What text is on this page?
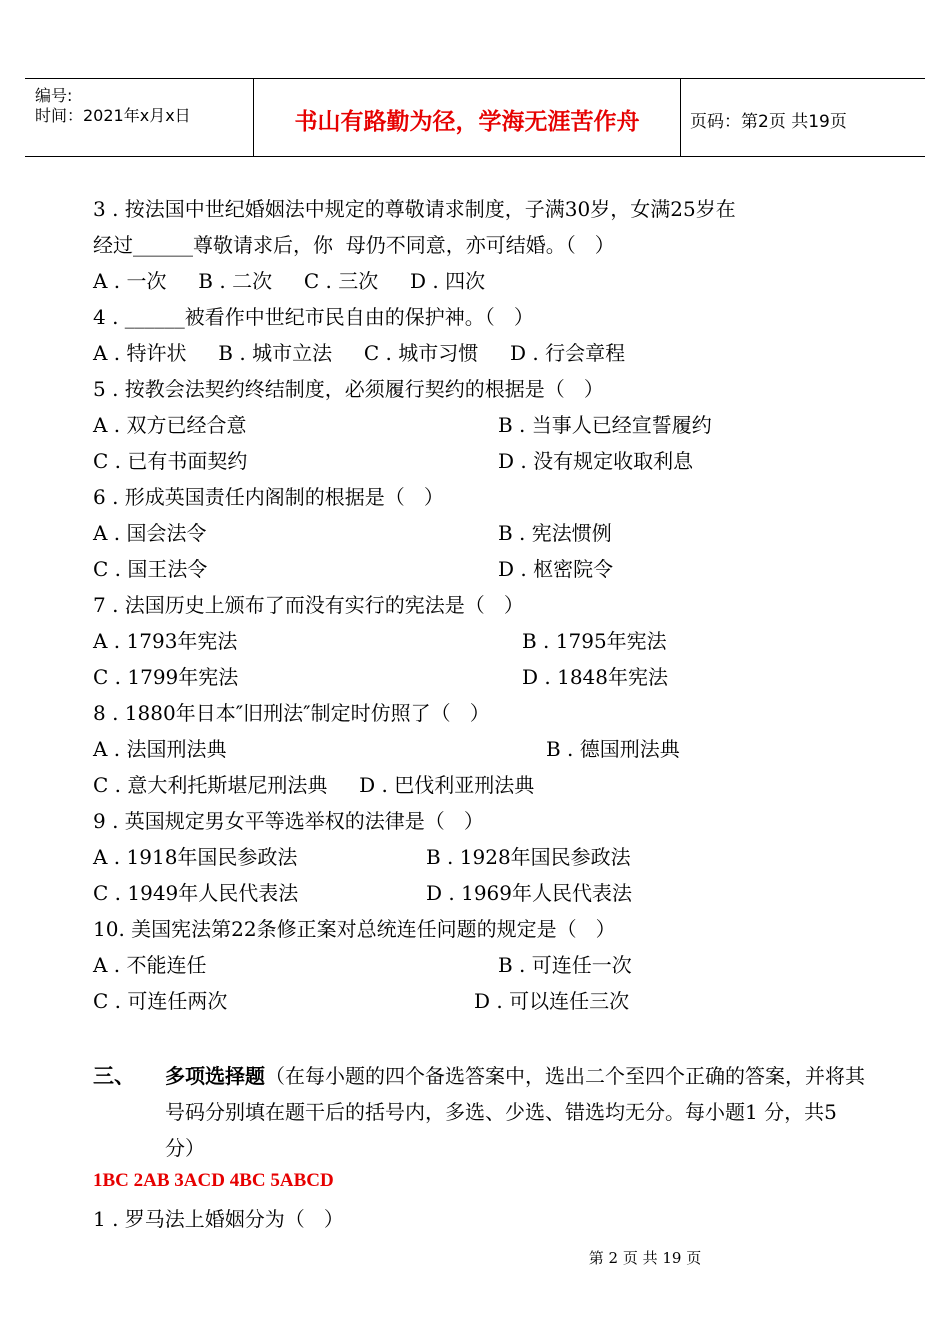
编号:
时间：2021年x月x日	书山有路勤为径，学海无涯苦作舟	页码：第2页 共19页
3 . 按法国中世纪婚姻法中规定的尊敬请求制度，子满30岁，女满25岁在
经过______尊敬请求后，你  母仍不同意，亦可结婚。（   ）
A . 一次     B . 二次     C . 三次     D . 四次
4 . ______被看作中世纪市民自由的保护神。（   ）
A . 特许状     B . 城市立法     C . 城市习惯     D . 行会章程
5 . 按教会法契约终结制度，必须履行契约的根据是（   ）
A . 双方已经合意	B . 当事人已经宣誓履约
C . 已有书面契约	D . 没有规定收取利息
6 . 形成英国责任内阁制的根据是（   ）
A . 国会法令	B . 宪法惯例
C . 国王法令	D . 枢密院令
7 . 法国历史上颁布了而没有实行的宪法是（   ）
A . 1793年宪法	B . 1795年宪法
C . 1799年宪法	D . 1848年宪法
8 . 1880年日本″旧刑法″制定时仿照了（   ）
A . 法国刑法典	B . 德国刑法典
C . 意大利托斯堪尼刑法典     D . 巴伐利亚刑法典
9 . 英国规定男女平等选举权的法律是（   ）
A . 1918年国民参政法	B . 1928年国民参政法
C . 1949年人民代表法	D . 1969年人民代表法
10. 美国宪法第22条修正案对总统连任问题的规定是（   ）
A . 不能连任	B . 可连任一次
C . 可连任两次	D . 可以连任三次
三、 多项选择题（在每小题的四个备选答案中，选出二个至四个正确的答案，并将其号码分别填在题干后的括号内，多选、少选、错选均无分。每小题1 分，共5 分）
1BC 2AB 3ACD 4BC 5ABCD
1 . 罗马法上婚姻分为（   ）
第 2 页 共 19 页
